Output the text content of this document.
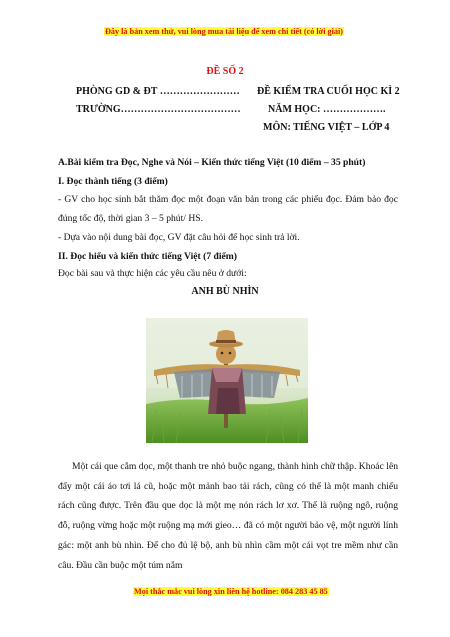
Đây là bản xem thử, vui lòng mua tài liệu để xem chi tiết (có lời giải)
ĐỀ SỐ 2
PHÒNG GD & ĐT ……………………
TRƯỜNG………………………………
ĐỀ KIỂM TRA CUỐI HỌC KÌ 2
NĂM HỌC: ……………….
MÔN: TIẾNG VIỆT – LỚP 4
A.Bài kiểm tra Đọc, Nghe và Nói – Kiến thức tiếng Việt (10 điểm – 35 phút)
I. Đọc thành tiếng (3 điểm)
- GV cho học sinh bắt thăm đọc một đoạn văn bản trong các phiếu đọc. Đảm bảo đọc đúng tốc độ, thời gian 3 – 5 phút/ HS.
- Dựa vào nội dung bài đọc, GV đặt câu hỏi để học sinh trả lời.
II. Đọc hiểu và kiến thức tiếng Việt (7 điểm)
Đọc bài sau và thực hiện các yêu cầu nêu ở dưới:
ANH BÙ NHÌN
Một cái que cắm dọc, một thanh tre nhỏ buộc ngang, thành hình chữ thập. Khoác lên đấy một cái áo tơi lá cũ, hoặc một mảnh bao tải rách, cũng có thể là một manh chiếu rách cũng được. Trên đầu que dọc là một mẹ nón rách lơ xơ. Thế là ruộng ngô, ruộng đỗ, ruộng vừng hoặc một ruộng mạ mới gieo… đã có một người bảo vệ, một người lính gác: một anh bù nhìn. Để cho đủ lệ bộ, anh bù nhìn cầm một cái vọt tre mềm như cần câu. Đầu cần buộc một túm nắm
Mọi thắc mắc vui lòng xin liên hệ hotline: 084 283 45 85
